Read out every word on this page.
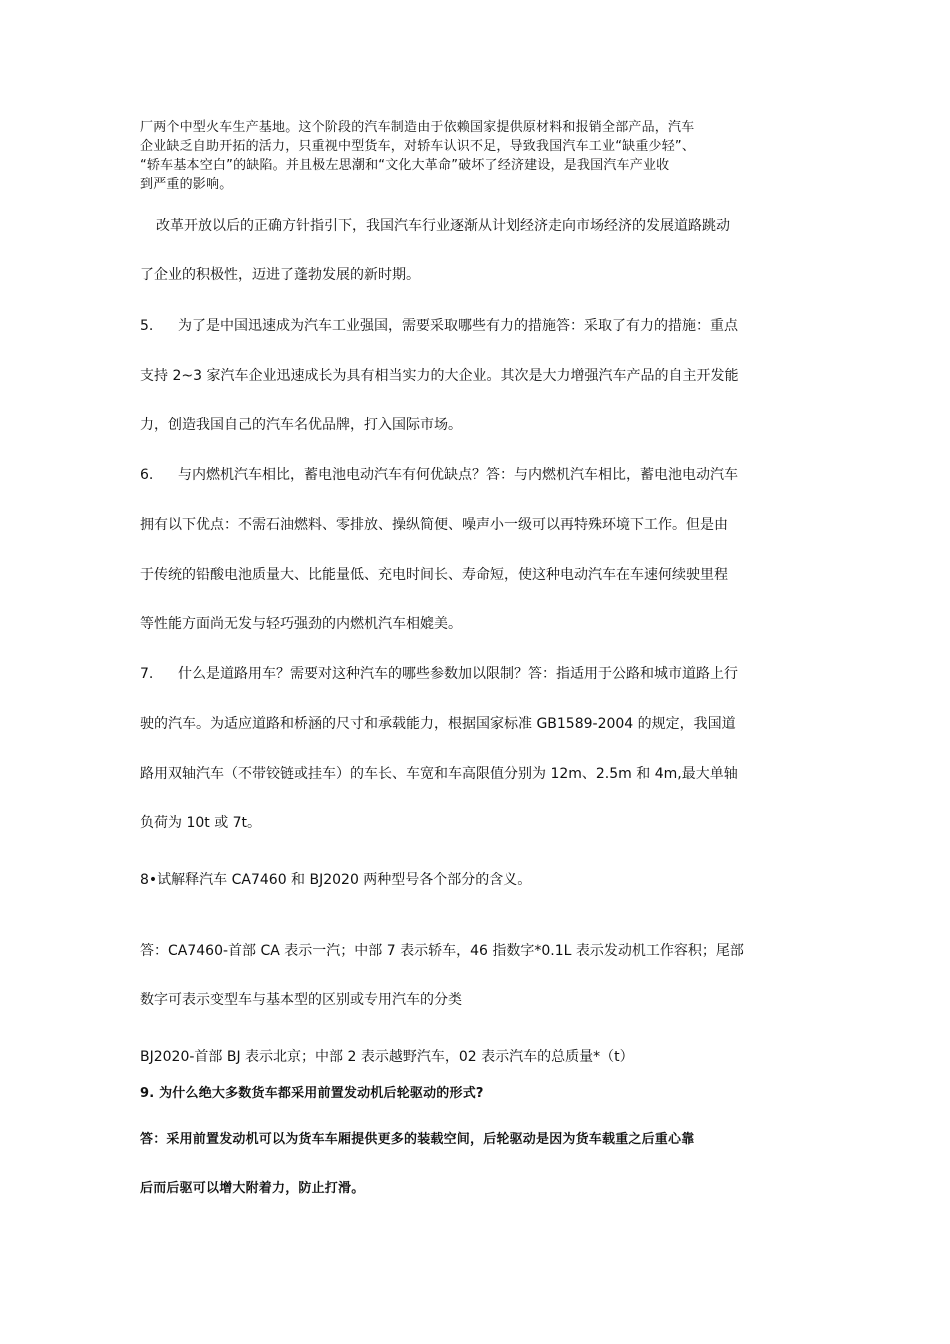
厂两个中型火车生产基地。这个阶段的汽车制造由于依赖国家提供原材料和报销全部产品，汽车
企业缺乏自助开拓的活力，只重视中型货车，对轿车认识不足，导致我国汽车工业“缺重少轻”、
“轿车基本空白”的缺陷。并且极左思潮和“文化大革命”破坏了经济建设，是我国汽车产业收
到严重的影响。
改革开放以后的正确方针指引下，我国汽车行业逐渐从计划经济走向市场经济的发展道路跳动
了企业的积极性，迈进了蓬勃发展的新时期。
5. 为了是中国迅速成为汽车工业强国，需要采取哪些有力的措施答：采取了有力的措施：重点
支持 2~3 家汽车企业迅速成长为具有相当实力的大企业。其次是大力增强汽车产品的自主开发能
力，创造我国自己的汽车名优品牌，打入国际市场。
6. 与内燃机汽车相比，蓄电池电动汽车有何优缺点？答：与内燃机汽车相比，蓄电池电动汽车
拥有以下优点：不需石油燃料、零排放、操纵简便、噪声小一级可以再特殊环境下工作。但是由
于传统的铅酸电池质量大、比能量低、充电时间长、寿命短，使这种电动汽车在车速何续驶里程
等性能方面尚无发与轻巧强劲的内燃机汽车相媲美。
7. 什么是道路用车？需要对这种汽车的哪些参数加以限制？答：指适用于公路和城市道路上行
驶的汽车。为适应道路和桥涵的尺寸和承载能力，根据国家标准 GB1589-2004 的规定，我国道
路用双轴汽车（不带铰链或挂车）的车长、车宽和车高限值分别为 12m、2.5m 和 4m,最大单轴
负荷为 10t 或 7t。
8•试解释汽车 CA7460 和 BJ2020 两种型号各个部分的含义。
答：CA7460-首部 CA 表示一汽；中部 7 表示轿车，46 指数字*0.1L 表示发动机工作容积；尾部
数字可表示变型车与基本型的区别或专用汽车的分类
BJ2020-首部 BJ 表示北京；中部 2 表示越野汽车，02 表示汽车的总质量*（t）
9. 为什么绝大多数货车都采用前置发动机后轮驱动的形式?
答：采用前置发动机可以为货车车厢提供更多的装载空间，后轮驱动是因为货车载重之后重心靠
后而后驱可以增大附着力，防止打滑。
